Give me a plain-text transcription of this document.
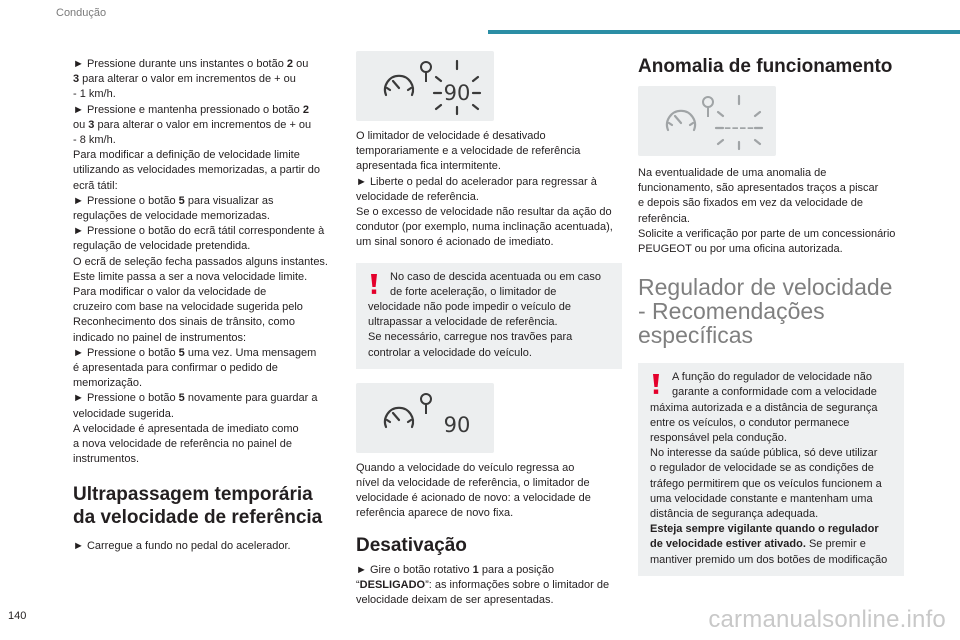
Condução

► Pressione durante uns instantes o botão 2 ou

3 para alterar o valor em incrementos de + ou

- 1 km/h.

► Pressione e mantenha pressionado o botão 2

ou 3 para alterar o valor em incrementos de + ou

- 8 km/h.

Para modificar a definição de velocidade limite

utilizando as velocidades memorizadas, a partir do

ecrã tátil:

► Pressione o botão 5 para visualizar as

regulações de velocidade memorizadas.

► Pressione o botão do ecrã tátil correspondente à

regulação de velocidade pretendida.

O ecrã de seleção fecha passados alguns instantes.

Este limite passa a ser a nova velocidade limite.

Para modificar o valor da velocidade de

cruzeiro com base na velocidade sugerida pelo

Reconhecimento dos sinais de trânsito, como

indicado no painel de instrumentos:

► Pressione o botão 5 uma vez. Uma mensagem

é apresentada para confirmar o pedido de

memorização.

► Pressione o botão 5 novamente para guardar a

velocidade sugerida.

A velocidade é apresentada de imediato como

a nova velocidade de referência no painel de

instrumentos.

Ultrapassagem temporária da velocidade de referência

► Carregue a fundo no pedal do acelerador.

90

O limitador de velocidade é desativado

temporariamente e a velocidade de referência

apresentada fica intermitente.

► Liberte o pedal do acelerador para regressar à

velocidade de referência.

Se o excesso de velocidade não resultar da ação do

condutor (por exemplo, numa inclinação acentuada),

um sinal sonoro é acionado de imediato.

No caso de descida acentuada ou em caso

de forte aceleração, o limitador de

velocidade não pode impedir o veículo de

ultrapassar a velocidade de referência.

Se necessário, carregue nos travões para

controlar a velocidade do veículo.

90

Quando a velocidade do veículo regressa ao

nível da velocidade de referência, o limitador de

velocidade é acionado de novo: a velocidade de

referência aparece de novo fixa.

Desativação

► Gire o botão rotativo 1 para a posição

“DESLIGADO”: as informações sobre o limitador de

velocidade deixam de ser apresentadas.

Anomalia de funcionamento
----

Na eventualidade de uma anomalia de

funcionamento, são apresentados traços a piscar

e depois são fixados em vez da velocidade de

referência.

Solicite a verificação por parte de um concessionário

PEUGEOT ou por uma oficina autorizada.

Regulador de velocidade
- Recomendações
específicas

A função do regulador de velocidade não

garante a conformidade com a velocidade

máxima autorizada e a distância de segurança

entre os veículos, o condutor permanece

responsável pela condução.

No interesse da saúde pública, só deve utilizar

o regulador de velocidade se as condições de

tráfego permitirem que os veículos funcionem a

uma velocidade constante e mantenham uma

distância de segurança adequada.

Esteja sempre vigilante quando o regulador

de velocidade estiver ativado. Se premir e

mantiver premido um dos botões de modificação

140	carmanualsonline.info
